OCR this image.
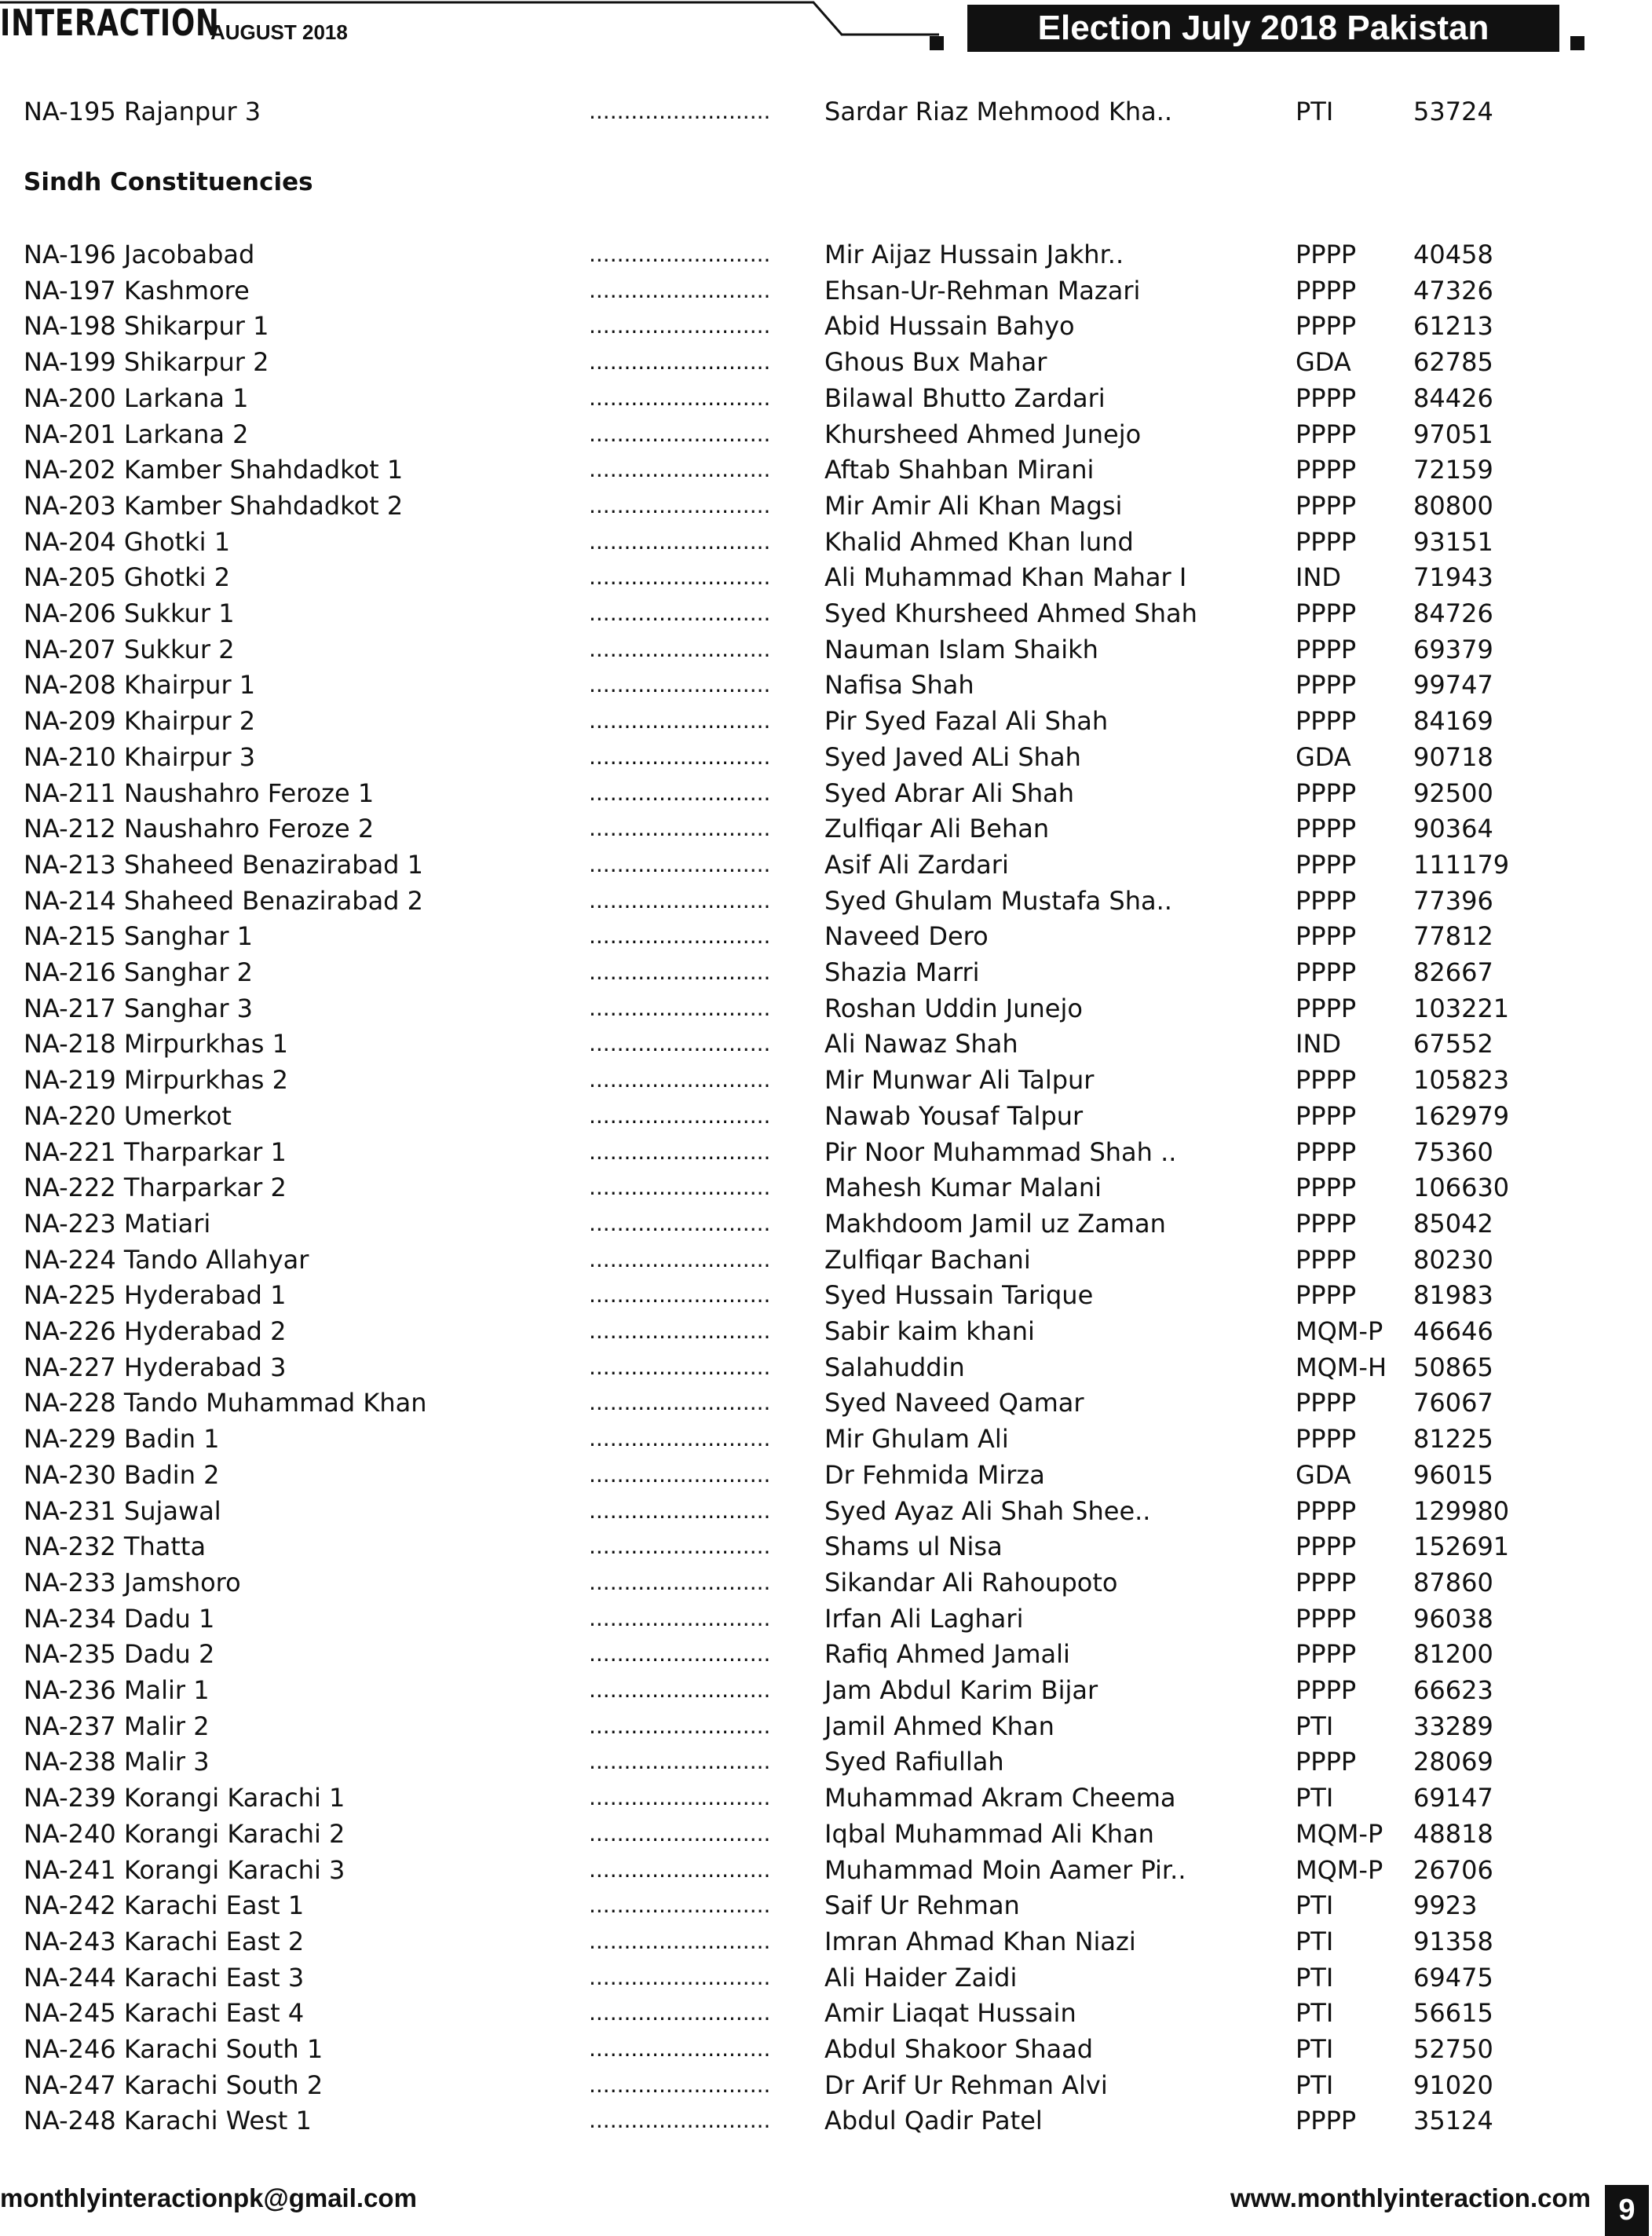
INTERACTION
AUGUST 2018	Election July 2018 Pakistan
NA-195 Rajanpur 3	.......................... Sardar Riaz Mehmood Kha..	PTI	53724
Sindh Constituencies
NA-196 Jacobabad	.......................... Mir Aijaz Hussain Jakhr..	PPPP 40458
NA-197 Kashmore	.......................... Ehsan-Ur-Rehman Mazari	PPPP 47326
NA-198 Shikarpur 1	.......................... Abid Hussain Bahyo	PPPP 61213
NA-199 Shikarpur 2	.......................... Ghous Bux Mahar	GDA 62785
NA-200 Larkana 1	.......................... Bilawal Bhutto Zardari	PPPP 84426
NA-201 Larkana 2	.......................... Khursheed Ahmed Junejo	PPPP 97051
NA-202 Kamber Shahdadkot 1	.......................... Aftab Shahban Mirani	PPPP 72159
NA-203 Kamber Shahdadkot 2	.......................... Mir Amir Ali Khan Magsi	PPPP 80800
NA-204 Ghotki 1	.......................... Khalid Ahmed Khan lund	PPPP 93151
NA-205 Ghotki 2	.......................... Ali Muhammad Khan Mahar I	IND	71943
NA-206 Sukkur 1	.......................... Syed Khursheed Ahmed Shah	PPPP 84726
NA-207 Sukkur 2	.......................... Nauman Islam Shaikh	PPPP 69379
NA-208 Khairpur 1	.......................... Nafisa Shah	PPPP 99747
NA-209 Khairpur 2	.......................... Pir Syed Fazal Ali Shah	PPPP 84169
NA-210 Khairpur 3	.......................... Syed Javed ALi Shah	GDA 90718
NA-211 Naushahro Feroze 1	.......................... Syed Abrar Ali Shah	PPPP 92500
NA-212 Naushahro Feroze 2	.......................... Zulfiqar Ali Behan	PPPP 90364
NA-213 Shaheed Benazirabad 1	.......................... Asif Ali Zardari	PPPP 111179
NA-214 Shaheed Benazirabad 2	.......................... Syed Ghulam Mustafa Sha..	PPPP 77396
NA-215 Sanghar 1	.......................... Naveed Dero	PPPP 77812
NA-216 Sanghar 2	.......................... Shazia Marri	PPPP 82667
NA-217 Sanghar 3	.......................... Roshan Uddin Junejo	PPPP 103221
NA-218 Mirpurkhas 1	.......................... Ali Nawaz Shah	IND	67552
NA-219 Mirpurkhas 2	.......................... Mir Munwar Ali Talpur	PPPP 105823
NA-220 Umerkot	.......................... Nawab Yousaf Talpur	PPPP 162979
NA-221 Tharparkar 1	.......................... Pir Noor Muhammad Shah ..	PPPP 75360
NA-222 Tharparkar 2	.......................... Mahesh Kumar Malani	PPPP 106630
NA-223 Matiari	.......................... Makhdoom Jamil uz Zaman	PPPP 85042
NA-224 Tando Allahyar	.......................... Zulfiqar Bachani	PPPP 80230
NA-225 Hyderabad 1	.......................... Syed Hussain Tarique	PPPP 81983
NA-226 Hyderabad 2	.......................... Sabir kaim khani	MQM-P 46646
NA-227 Hyderabad 3	.......................... Salahuddin	MQM-H 50865
NA-228 Tando Muhammad Khan	.......................... Syed Naveed Qamar	PPPP 76067
NA-229 Badin 1	.......................... Mir Ghulam Ali	PPPP 81225
NA-230 Badin 2	.......................... Dr Fehmida Mirza	GDA 96015
NA-231 Sujawal	.......................... Syed Ayaz Ali Shah Shee..	PPPP 129980
NA-232 Thatta	.......................... Shams ul Nisa	PPPP 152691
NA-233 Jamshoro	.......................... Sikandar Ali Rahoupoto	PPPP 87860
NA-234 Dadu 1	.......................... Irfan Ali Laghari	PPPP 96038
NA-235 Dadu 2	.......................... Rafiq Ahmed Jamali	PPPP 81200
NA-236 Malir 1	.......................... Jam Abdul Karim Bijar	PPPP 66623
NA-237 Malir 2	.......................... Jamil Ahmed Khan	PTI	33289
NA-238 Malir 3	.......................... Syed Rafiullah	PPPP 28069
NA-239 Korangi Karachi 1	.......................... Muhammad Akram Cheema	PTI	69147
NA-240 Korangi Karachi 2	.......................... Iqbal Muhammad Ali Khan	MQM-P 48818
NA-241 Korangi Karachi 3	.......................... Muhammad Moin Aamer Pir..	MQM-P 26706
NA-242 Karachi East 1	.......................... Saif Ur Rehman	PTI	9923
NA-243 Karachi East 2	.......................... Imran Ahmad Khan Niazi	PTI	91358
NA-244 Karachi East 3	.......................... Ali Haider Zaidi	PTI	69475
NA-245 Karachi East 4	.......................... Amir Liaqat Hussain	PTI	56615
NA-246 Karachi South 1	.......................... Abdul Shakoor Shaad	PTI	52750
NA-247 Karachi South 2	.......................... Dr Arif Ur Rehman Alvi	PTI	91020
NA-248 Karachi West 1	.......................... Abdul Qadir Patel	PPPP 35124
monthlyinteractionpk@gmail.com	www.monthlyinteraction.com 9
